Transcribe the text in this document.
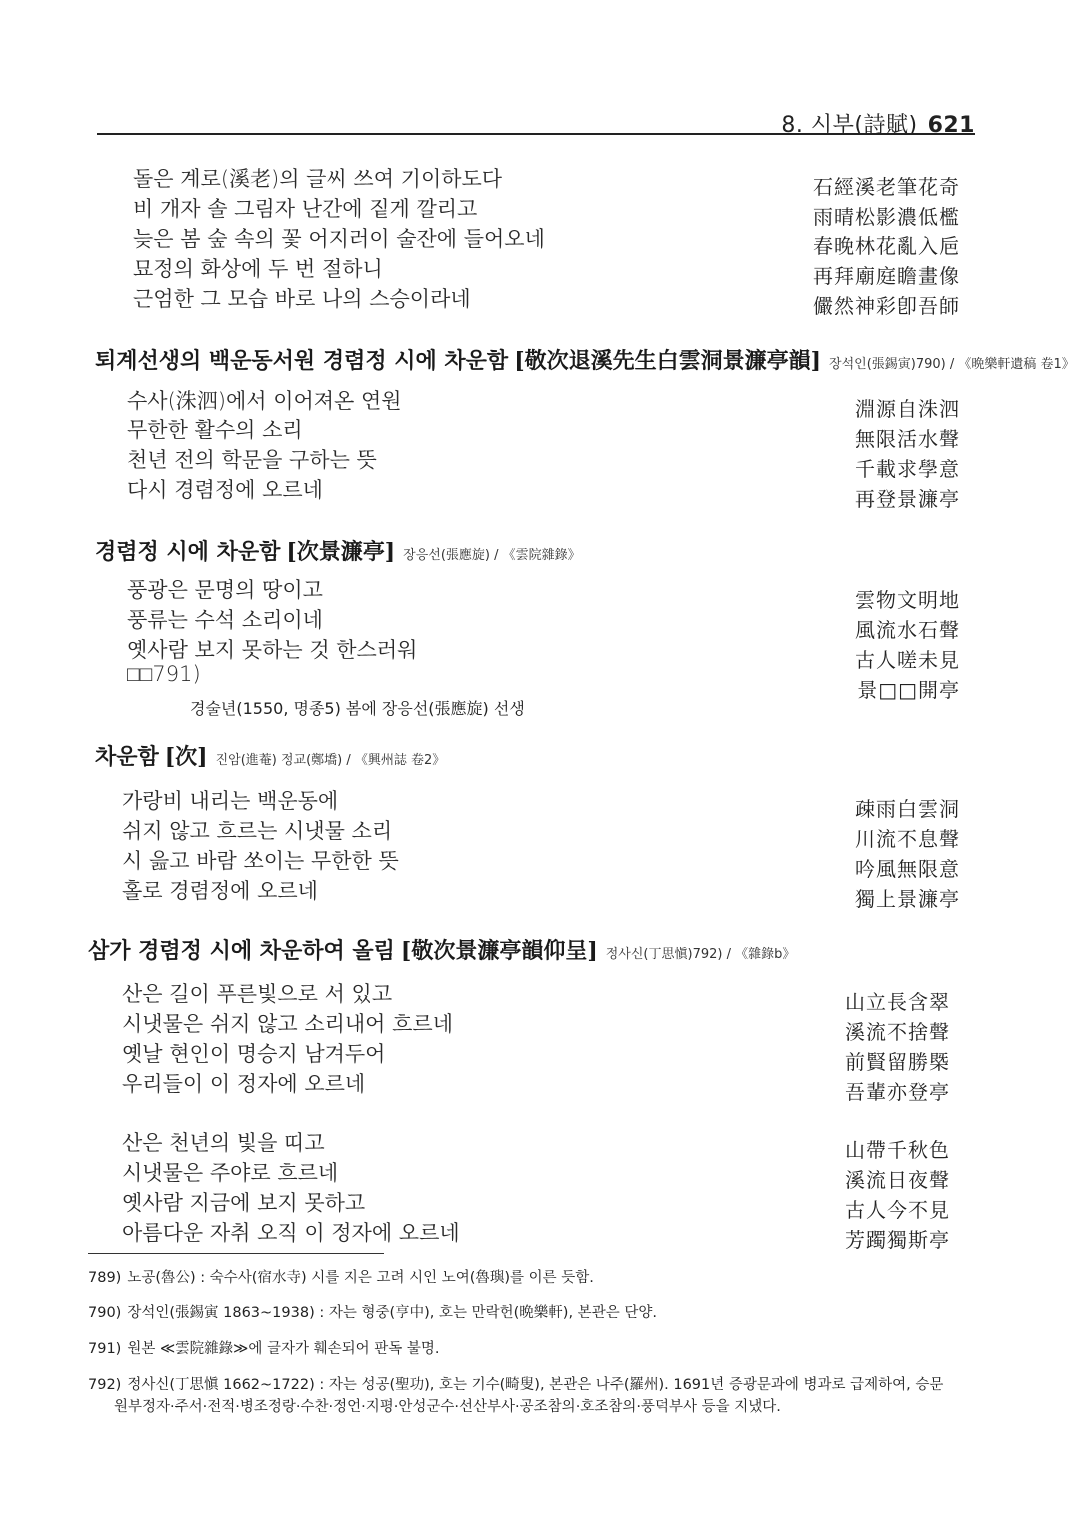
8. 시부(詩賦) 621
돌은 계로(溪老)의 글씨 쓰여 기이하도다
비 개자 솔 그림자 난간에 짙게 깔리고
늦은 봄 숲 속의 꽃 어지러이 술잔에 들어오네
묘정의 화상에 두 번 절하니
근엄한 그 모습 바로 나의 스승이라네
石經溪老筆花奇
雨晴松影濃低檻
春晚林花亂入巵
再拜廟庭瞻畫像
儼然神彩卽吾師
퇴계선생의 백운동서원 경렴정 시에 차운함 [敬次退溪先生白雲洞景濂亭韻] 장석인(張錫寅)790) / 《晩樂軒遺稿 卷1》
수사(洙泗)에서 이어져온 연원
무한한 활수의 소리
천년 전의 학문을 구하는 뜻
다시 경렴정에 오르네
淵源自洙泗
無限活水聲
千載求學意
再登景濂亭
경렴정 시에 차운함 [次景濂亭] 장응선(張應旋) / 《雲院雜錄》
풍광은 문명의 땅이고
풍류는 수석 소리이네
옛사람 보지 못하는 것 한스러워
□□791)
雲物文明地
風流水石聲
古人嗟未見
景□□開亭
경술년(1550, 명종5) 봄에 장응선(張應旋) 선생
차운함 [次] 진암(進菴) 정교(鄭墧) / 《興州誌 卷2》
가랑비 내리는 백운동에
쉬지 않고 흐르는 시냇물 소리
시 읊고 바람 쏘이는 무한한 뜻
홀로 경렴정에 오르네
疎雨白雲洞
川流不息聲
吟風無限意
獨上景濂亭
삼가 경렴정 시에 차운하여 올림 [敬次景濂亭韻仰呈] 정사신(丁思愼)792) / 《雜錄b》
산은 길이 푸른빛으로 서 있고
시냇물은 쉬지 않고 소리내어 흐르네
옛날 현인이 명승지 남겨두어
우리들이 이 정자에 오르네
산은 천년의 빛을 띠고
시냇물은 주야로 흐르네
옛사람 지금에 보지 못하고
아름다운 자취 오직 이 정자에 오르네
山立長含翠
溪流不捨聲
前賢留勝槩
吾輩亦登亭
山帶千秋色
溪流日夜聲
古人今不見
芳躅獨斯亭
789) 노공(魯公) : 숙수사(宿水寺) 시를 지은 고려 시인 노여(魯璵)를 이른 듯함.
790) 장석인(張錫寅 1863~1938) : 자는 형중(亨中), 호는 만락헌(晩樂軒), 본관은 단양.
791) 원본 ≪雲院雜錄≫에 글자가 훼손되어 판독 불명.
792) 정사신(丁思愼 1662~1722) : 자는 성공(聖功), 호는 기수(畸叟), 본관은 나주(羅州). 1691년 증광문과에 병과로 급제하여, 승문
원부정자·주서·전적·병조정랑·수찬·정언·지평·안성군수·선산부사·공조참의·호조참의·풍덕부사 등을 지냈다.
